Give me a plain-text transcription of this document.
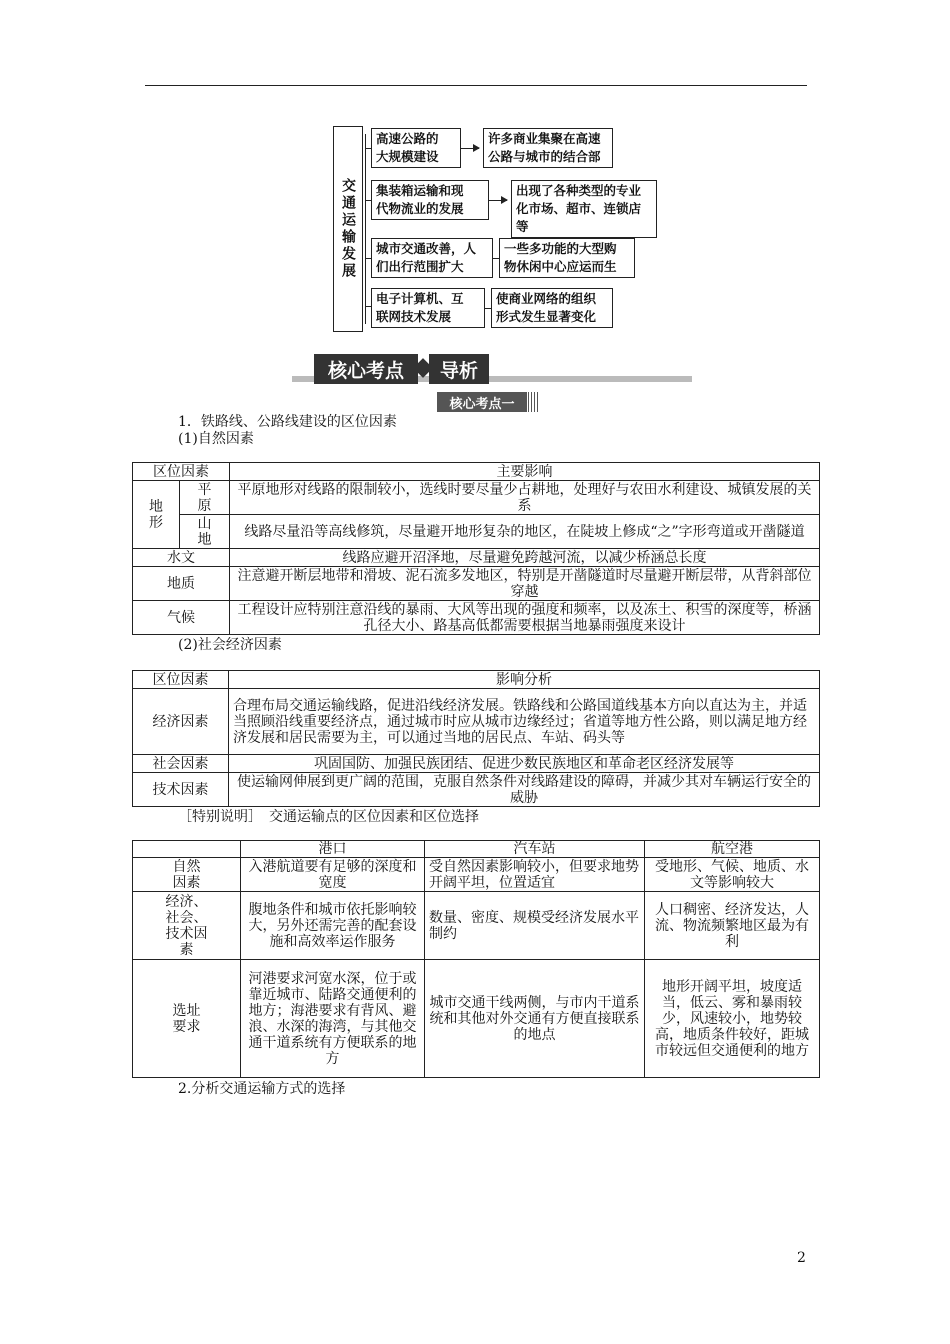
交通运输发展
高速公路的
大规模建设
许多商业集聚在高速
公路与城市的结合部
集装箱运输和现
代物流业的发展
出现了各种类型的专业
化市场、超市、连锁店等
城市交通改善，人
们出行范围扩大
一些多功能的大型购
物休闲中心应运而生
电子计算机、互
联网技术发展
使商业网络的组织
形式发生显著变化
核心考点	导析
核心考点一
1．铁路线、公路线建设的区位因素
(1)自然因素
区位因素		主要影响
地形	平原	平原地形对线路的限制较小，选线时要尽量少占耕地，处理好与农田水利建设、城镇发展的关系
	山地	线路尽量沿等高线修筑，尽量避开地形复杂的地区，在陡坡上修成“之”字形弯道或开凿隧道
水文		线路应避开沼泽地，尽量避免跨越河流，以减少桥涵总长度
地质		注意避开断层地带和滑坡、泥石流多发地区，特别是开凿隧道时尽量避开断层带，从背斜部位穿越
气候		工程设计应特别注意沿线的暴雨、大风等出现的强度和频率，以及冻土、积雪的深度等，桥涵孔径大小、路基高低都需要根据当地暴雨强度来设计
(2)社会经济因素
区位因素	影响分析
经济因素	合理布局交通运输线路，促进沿线经济发展。铁路线和公路国道线基本方向以直达为主，并适当照顾沿线重要经济点，通过城市时应从城市边缘经过；省道等地方性公路，则以满足地方经济发展和居民需要为主，可以通过当地的居民点、车站、码头等
社会因素	巩固国防、加强民族团结、促进少数民族地区和革命老区经济发展等
技术因素	使运输网伸展到更广阔的范围，克服自然条件对线路建设的障碍，并减少其对车辆运行安全的威胁
［特别说明］　交通运输点的区位因素和区位选择
	港口	汽车站	航空港
自然因素	入港航道要有足够的深度和宽度	受自然因素影响较小，但要求地势开阔平坦，位置适宜	受地形、气候、地质、水文等影响较大
经济、社会、技术因素	腹地条件和城市依托影响较大，另外还需完善的配套设施和高效率运作服务	数量、密度、规模受经济发展水平制约	人口稠密、经济发达，人流、物流频繁地区最为有利
选址要求	河港要求河宽水深，位于或靠近城市、陆路交通便利的地方；海港要求有背风、避浪、水深的海湾，与其他交通干道系统有方便联系的地方	城市交通干线两侧，与市内干道系统和其他对外交通有方便直接联系的地点	地形开阔平坦，坡度适当，低云、雾和暴雨较少，风速较小，地势较高，地质条件较好，距城市较远但交通便利的地方
2.分析交通运输方式的选择
2
